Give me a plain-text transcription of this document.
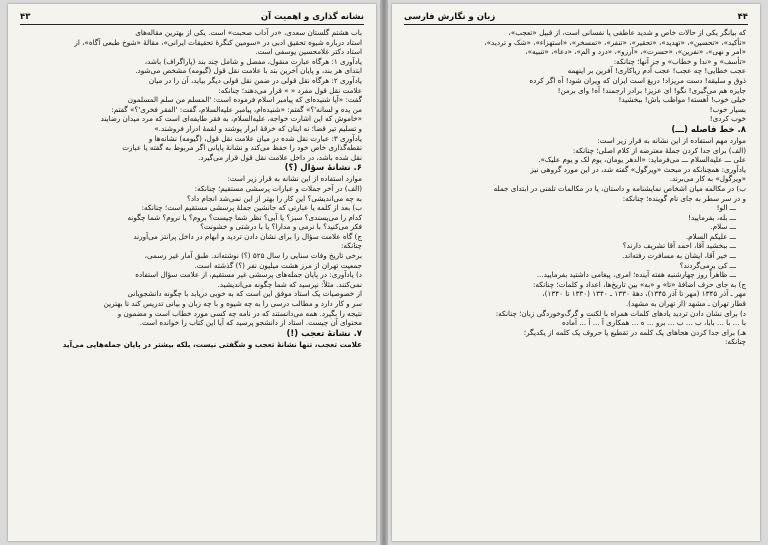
نشانه گذاری و اهمیت آن
۴۳

باب هشتم گلستان سعدی، «در آداب صحبت» است. یکی از بهترین مقاله‌های

استاد درباره شیوه تحقیق ادبی در «سومین کنگرهٔ تحقیقات ایرانی»، مقالهٔ «شوخ طبعی آگاه»، از

استاد دکتر غلامحسین یوسفی است.

یادآوری ۱: هرگاه عبارت منقول، مفصل و شامل چند بند (پاراگراف) باشد،

ابتدای هر بند، و پایان آخرین بند با علامت نقل قول (گیومه) مشخص می‌شود.

یادآوری ۲: هرگاه نقل قولی در ضمن نقل قولی دیگر بیاید، آن را در میان

علامت نقل قول مفرد « » قرار می‌دهند؛ چنانکه:

گفت: «آیا شنیده‌ای که پیامبر اسلام فرموده است: 'المسلم من سلم المسلمون

من یده و لسانه'؟» گفتم: «شنیده‌ام، پیامبر علیه‌السلام، گفت: 'الفقر فخری'؟» گفتم:

«خاموش که این اشارت خواجه، علیه‌السلام، به فقر طایفه‌ای است که مرد میدان رضایند

و تسلیم تیر قضا؛ نه اینان که خرقهٔ ابرار پوشند و لقمهٔ ادرار فروشند.»

یادآوری ۳: عبارت نقل شده در میان علامت نقل قول، (گیومه) نشانه‌ها و

نقطه‌گذاری خاص خود را حفظ می‌کند و نشانهٔ پایانی اگر مربوط به گفته یا عبارت

نقل شده باشد، در داخل علامت نقل قول قرار می‌گیرد.

۶. نشانهٔ سؤال (؟)

موارد استفاده از این نشانه به قرار زیر است:

(الف) در آخر جملات و عبارات پرسشی مستقیم؛ چنانکه:

به چه می‌اندیشی؟ این کار را بهتر از این نمی‌شد انجام داد؟

ب) بعد از کلمه یا عبارتی که جانشین جملهٔ پرسشی مستقیم است؛ چنانکه:

کدام را می‌پسندی؟ سبز؟ یا آبی؟ نظر شما چیست؟ بروم؟ یا نروم؟ شما چگونه

فکر می‌کنید؟ با نرمی و مدارا؟ یا با درشتی و خشونت؟

ج) گاه علامت سؤال را برای نشان دادن تردید و ابهام در داخل پرانتز می‌آورند

چنانکه:

برخی تاریخ وفات سنایی را سال ۵۲۵ (؟) نوشته‌اند. طبق آمار غیر رسمی،

جمعیت تهران از مرز هشت میلیون نفر (؟) گذشته است.

د) یادآوری: در پایان جمله‌های پرسشی غیر مستقیم، از علامت سؤال استفاده

نمی‌کنند. مثلاً: نپرسید که شما چگونه می‌اندیشید.

از خصوصیات یک استاد موفق این است که به خوبی دریابد با چگونه دانشجویانی

سر و کار دارد و مطالب درسی را به چه شیوه و با چه زبان و بیانی تدریس کند تا بهترین

نتیجه را بگیرد. همه می‌دانستند که در نامه چه کسی مورد خطاب است و مضمون و

محتوای آن چیست. استاد از دانشجو پرسید که آیا این کتاب را خوانده است.

۷. نشانهٔ تعجب (!)

علامت تعجب، تنها نشانهٔ تعجب و شگفتی نیست، بلکه بیشتر در پایان جمله‌هایی می‌آید

۴۴
زبان و نگارش فارسی

که بیانگر یکی از حالات خاص و شدید عاطفی یا نفسانی است، از قبیل «تعجب»،

«تأکید»، «تحسین»، «تهدید»، «تحقیر»، «تنفر»، «تمسخر»، «استهزاء»، «شک و تردید»،

«امر و نهی»، «نفرین»، «حسرت»، «آرزو»، «درد و الم»، «دعا»، «تنبیه»،

«تأسف» و «ندا و خطاب» و جز آنها؛ چنانکه:

عجب خطایی! چه عجب! عجب آدم ریاکاری! آفرین بر اینهمه

ذوق و سلیقه! دست مریزاد! دریغ است ایران که ویران شود! آه اگر کرده

جایزه هم می‌گیری! نگو! ای عزیز! برادر ارجمند! آه! وای برمن!

خیلی خوب! آهسته! مواظب باش! ببخشید!

بسیار خوب!

خوب کردی!

۸. خط فاصله (ـــ)

موارد مهم استفاده از این نشانه به قرار زیر است:

(الف) برای جدا کردن جملهٔ معترضه از کلام اصلی؛ چنانکه:

علی ـــ علیه‌السلام ـــ می‌فرماید: «الدهر یومان، یوم لک و یوم علیک».

یادآوری: همچنانکه در مبحث «ویرگول» گفته شد، در این مورد گروهی نیز

«ویرگول» به کار می‌برند.

ب) در مکالمه میان اشخاص نمایشنامه و داستان، یا در مکالمات تلفنی در ابتدای جمله

و در سر سطر به جای نام گوینده؛ چنانکه:

ـــ الو!

ـــ بله، بفرمایید!

ـــ سلام.

ـــ علیکم السلام.

ـــ ببخشید آقا، احمد آقا تشریف دارند؟

ـــ خیر آقا، ایشان به مسافرت رفته‌اند.

ـــ کی برمی‌گردند؟

ـــ ظاهراً روز چهارشنبه هفته آینده؛ امری، پیغامی داشتید بفرمایید...

ج) به جای حرف اضافهٔ «تا» و «به» بین تاریخ‌ها، اعداد و کلمات؛ چنانکه:

مهر ـ آذر ۱۳۴۵ (مهر تا آذر ۱۳۴۵)، دههٔ ۱۳۳۰ ـ ۱۳۴۰ (۱۳۳۰ تا ۱۳۴۰)،

قطار تهران ـ مشهد (از تهران به مشهد).

د) برای نشان دادن تردید یادهای کلمات همراه با لکنت و گرگ‌وخوردگی زبان؛ چنانکه:

با ... با ... بابا، ب ... ب ... برو ... ه ... همکاری آ ... آ ... آماده

هـ) برای جدا کردن هجاهای یک کلمه در تقطیع یا حروف یک کلمه از یکدیگر؛

چنانکه:
